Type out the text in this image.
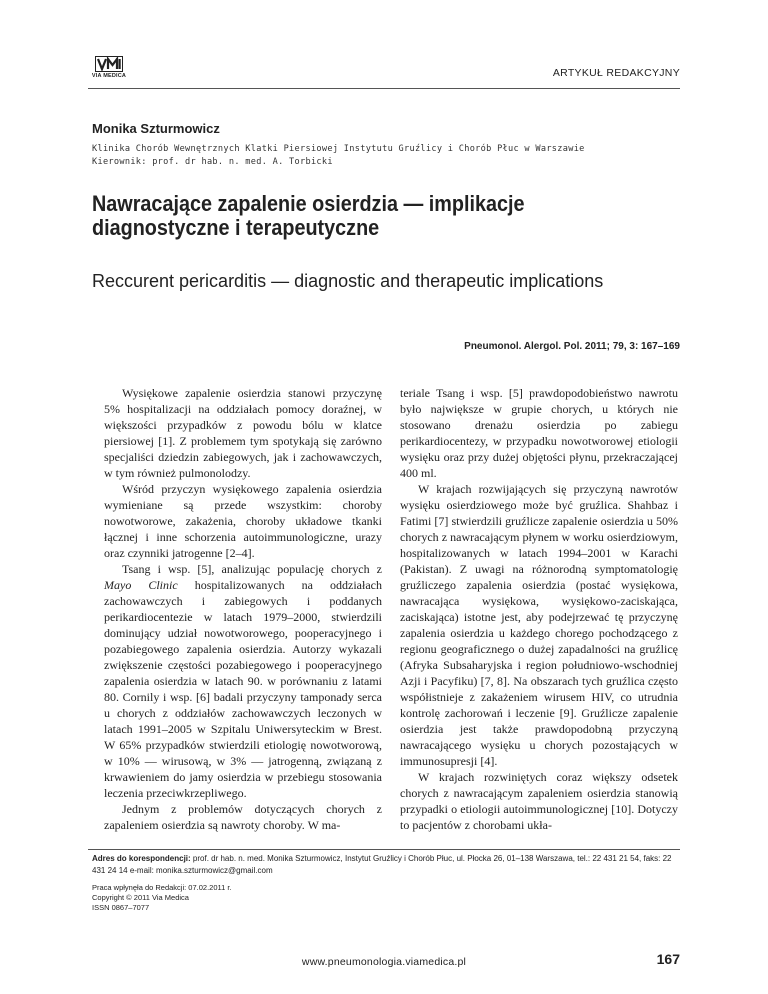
VIA MEDICA	ARTYKUŁ REDAKCYJNY
Monika Szturmowicz
Klinika Chorób Wewnętrznych Klatki Piersiowej Instytutu Gruźlicy i Chorób Płuc w Warszawie
Kierownik: prof. dr hab. n. med. A. Torbicki
Nawracające zapalenie osierdzia — implikacje diagnostyczne i terapeutyczne
Reccurent pericarditis — diagnostic and therapeutic implications
Pneumonol. Alergol. Pol. 2011; 79, 3: 167–169

Wysiękowe zapalenie osierdzia stanowi przyczynę 5% hospitalizacji na oddziałach pomocy doraźnej, w większości przypadków z powodu bólu w klatce piersiowej [1]. Z problemem tym spotykają się zarówno specjaliści dziedzin zabiegowych, jak i zachowawczych, w tym również pulmonolodzy.

Wśród przyczyn wysiękowego zapalenia osierdzia wymieniane są przede wszystkim: choroby nowotworowe, zakażenia, choroby układowe tkanki łącznej i inne schorzenia autoimmunologiczne, urazy oraz czynniki jatrogenne [2–4].

Tsang i wsp. [5], analizując populację chorych z Mayo Clinic hospitalizowanych na oddziałach zachowawczych i zabiegowych i poddanych perikardiocentezie w latach 1979–2000, stwierdzili dominujący udział nowotworowego, pooperacyjnego i pozabiegowego zapalenia osierdzia. Autorzy wykazali zwiększenie częstości pozabiegowego i pooperacyjnego zapalenia osierdzia w latach 90. w porównaniu z latami 80. Cornily i wsp. [6] badali przyczyny tamponady serca u chorych z oddziałów zachowawczych leczonych w latach 1991–2005 w Szpitalu Uniwersyteckim w Brest. W 65% przypadków stwierdzili etiologię nowotworową, w 10% — wirusową, w 3% — jatrogenną, związaną z krwawieniem do jamy osierdzia w przebiegu stosowania leczenia przeciwkrzepliwego.

Jednym z problemów dotyczących chorych z zapaleniem osierdzia są nawroty choroby. W ma-

teriale Tsang i wsp. [5] prawdopodobieństwo nawrotu było największe w grupie chorych, u których nie stosowano drenażu osierdzia po zabiegu perikardiocentezy, w przypadku nowotworowej etiologii wysięku oraz przy dużej objętości płynu, przekraczającej 400 ml.

W krajach rozwijających się przyczyną nawrotów wysięku osierdziowego może być gruźlica. Shahbaz i Fatimi [7] stwierdzili gruźlicze zapalenie osierdzia u 50% chorych z nawracającym płynem w worku osierdziowym, hospitalizowanych w latach 1994–2001 w Karachi (Pakistan). Z uwagi na różnorodną symptomatologię gruźliczego zapalenia osierdzia (postać wysiękowa, nawracająca wysiękowa, wysiękowo-zaciskająca, zaciskająca) istotne jest, aby podejrzewać tę przyczynę zapalenia osierdzia u każdego chorego pochodzącego z regionu geograficznego o dużej zapadalności na gruźlicę (Afryka Subsaharyjska i region południowo-wschodniej Azji i Pacyfiku) [7, 8]. Na obszarach tych gruźlica często współistnieje z zakażeniem wirusem HIV, co utrudnia kontrolę zachorowań i leczenie [9]. Gruźlicze zapalenie osierdzia jest także prawdopodobną przyczyną nawracającego wysięku u chorych pozostających w immunosupresji [4].

W krajach rozwiniętych coraz większy odsetek chorych z nawracającym zapaleniem osierdzia stanowią przypadki o etiologii autoimmunologicznej [10]. Dotyczy to pacjentów z chorobami ukła-

Adres do korespondencji: prof. dr hab. n. med. Monika Szturmowicz, Instytut Gruźlicy i Chorób Płuc, ul. Płocka 26, 01–138 Warszawa, tel.: 22 431 21 54, faks: 22 431 24 14 e-mail: monika.szturmowicz@gmail.com
Praca wpłynęła do Redakcji: 07.02.2011 r.
Copyright © 2011 Via Medica
ISSN 0867–7077
www.pneumonologia.viamedica.pl	167
